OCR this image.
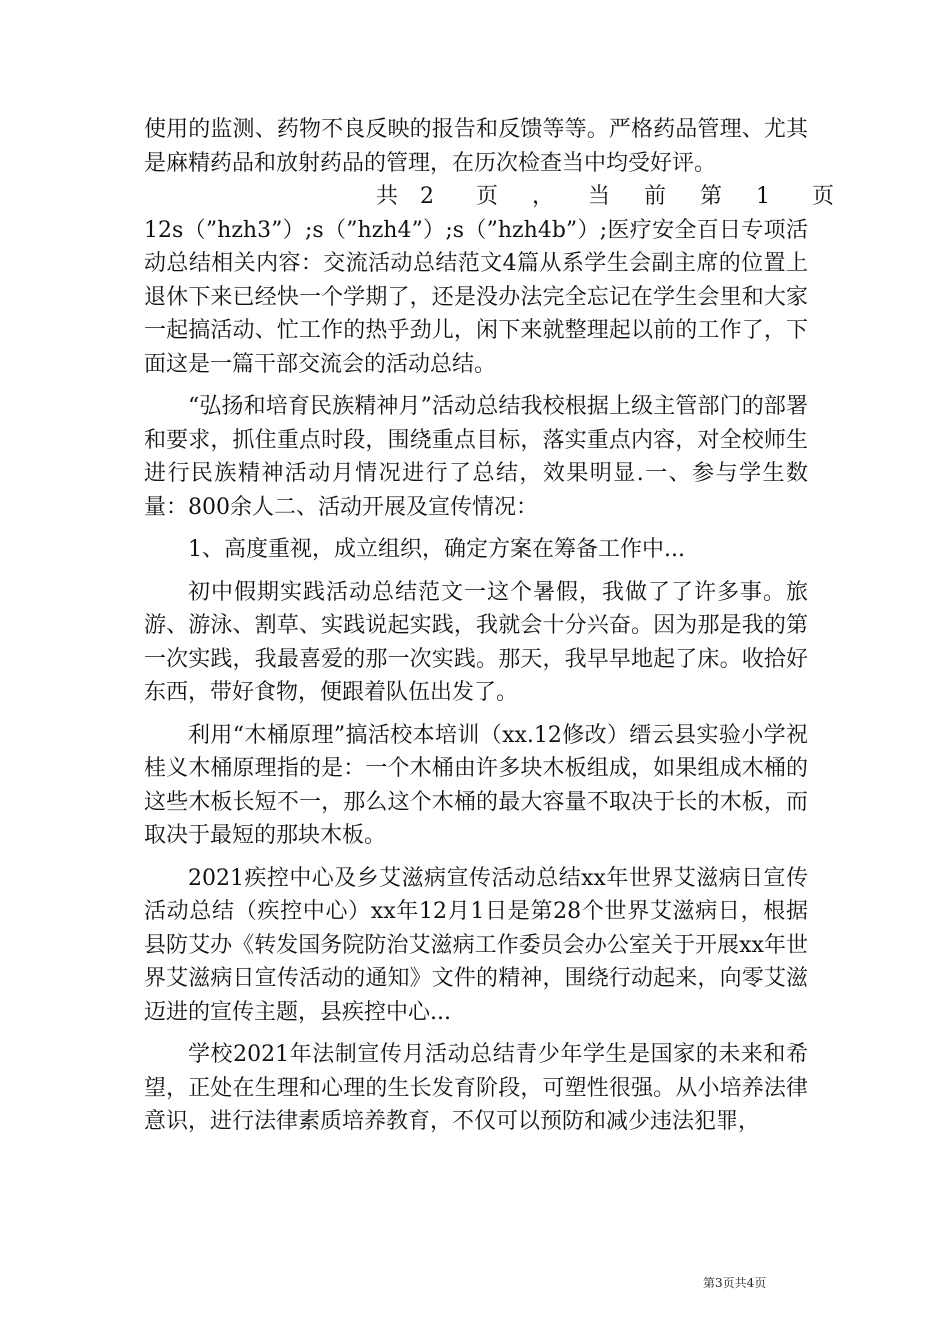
使用的监测、药物不良反映的报告和反馈等等。严格药品管理、尤其是麻精药品和放射药品的管理，在历次检查当中均受好评。

共 2 页 ， 当 前 第 1 页

12s（”hzh3”）;s（”hzh4”）;s（”hzh4b”）;医疗安全百日专项活动总结相关内容：交流活动总结范文4篇从系学生会副主席的位置上退休下来已经快一个学期了，还是没办法完全忘记在学生会里和大家一起搞活动、忙工作的热乎劲儿，闲下来就整理起以前的工作了，下面这是一篇干部交流会的活动总结。

“弘扬和培育民族精神月”活动总结我校根据上级主管部门的部署和要求，抓住重点时段，围绕重点目标，落实重点内容，对全校师生进行民族精神活动月情况进行了总结，效果明显.一、参与学生数量：800余人二、活动开展及宣传情况：

1、高度重视，成立组织，确定方案在筹备工作中...

初中假期实践活动总结范文一这个暑假，我做了了许多事。旅游、游泳、割草、实践说起实践，我就会十分兴奋。因为那是我的第一次实践，我最喜爱的那一次实践。那天，我早早地起了床。收拾好东西，带好食物，便跟着队伍出发了。

利用“木桶原理”搞活校本培训（xx.12修改）缙云县实验小学祝桂义木桶原理指的是：一个木桶由许多块木板组成，如果组成木桶的这些木板长短不一，那么这个木桶的最大容量不取决于长的木板，而取决于最短的那块木板。

2021疾控中心及乡艾滋病宣传活动总结xx年世界艾滋病日宣传活动总结（疾控中心）xx年12月1日是第28个世界艾滋病日，根据县防艾办《转发国务院防治艾滋病工作委员会办公室关于开展xx年世界艾滋病日宣传活动的通知》文件的精神，围绕行动起来，向零艾滋迈进的宣传主题，县疾控中心...

学校2021年法制宣传月活动总结青少年学生是国家的未来和希望，正处在生理和心理的生长发育阶段，可塑性很强。从小培养法律意识，进行法律素质培养教育，不仅可以预防和减少违法犯罪，

第3页共4页
